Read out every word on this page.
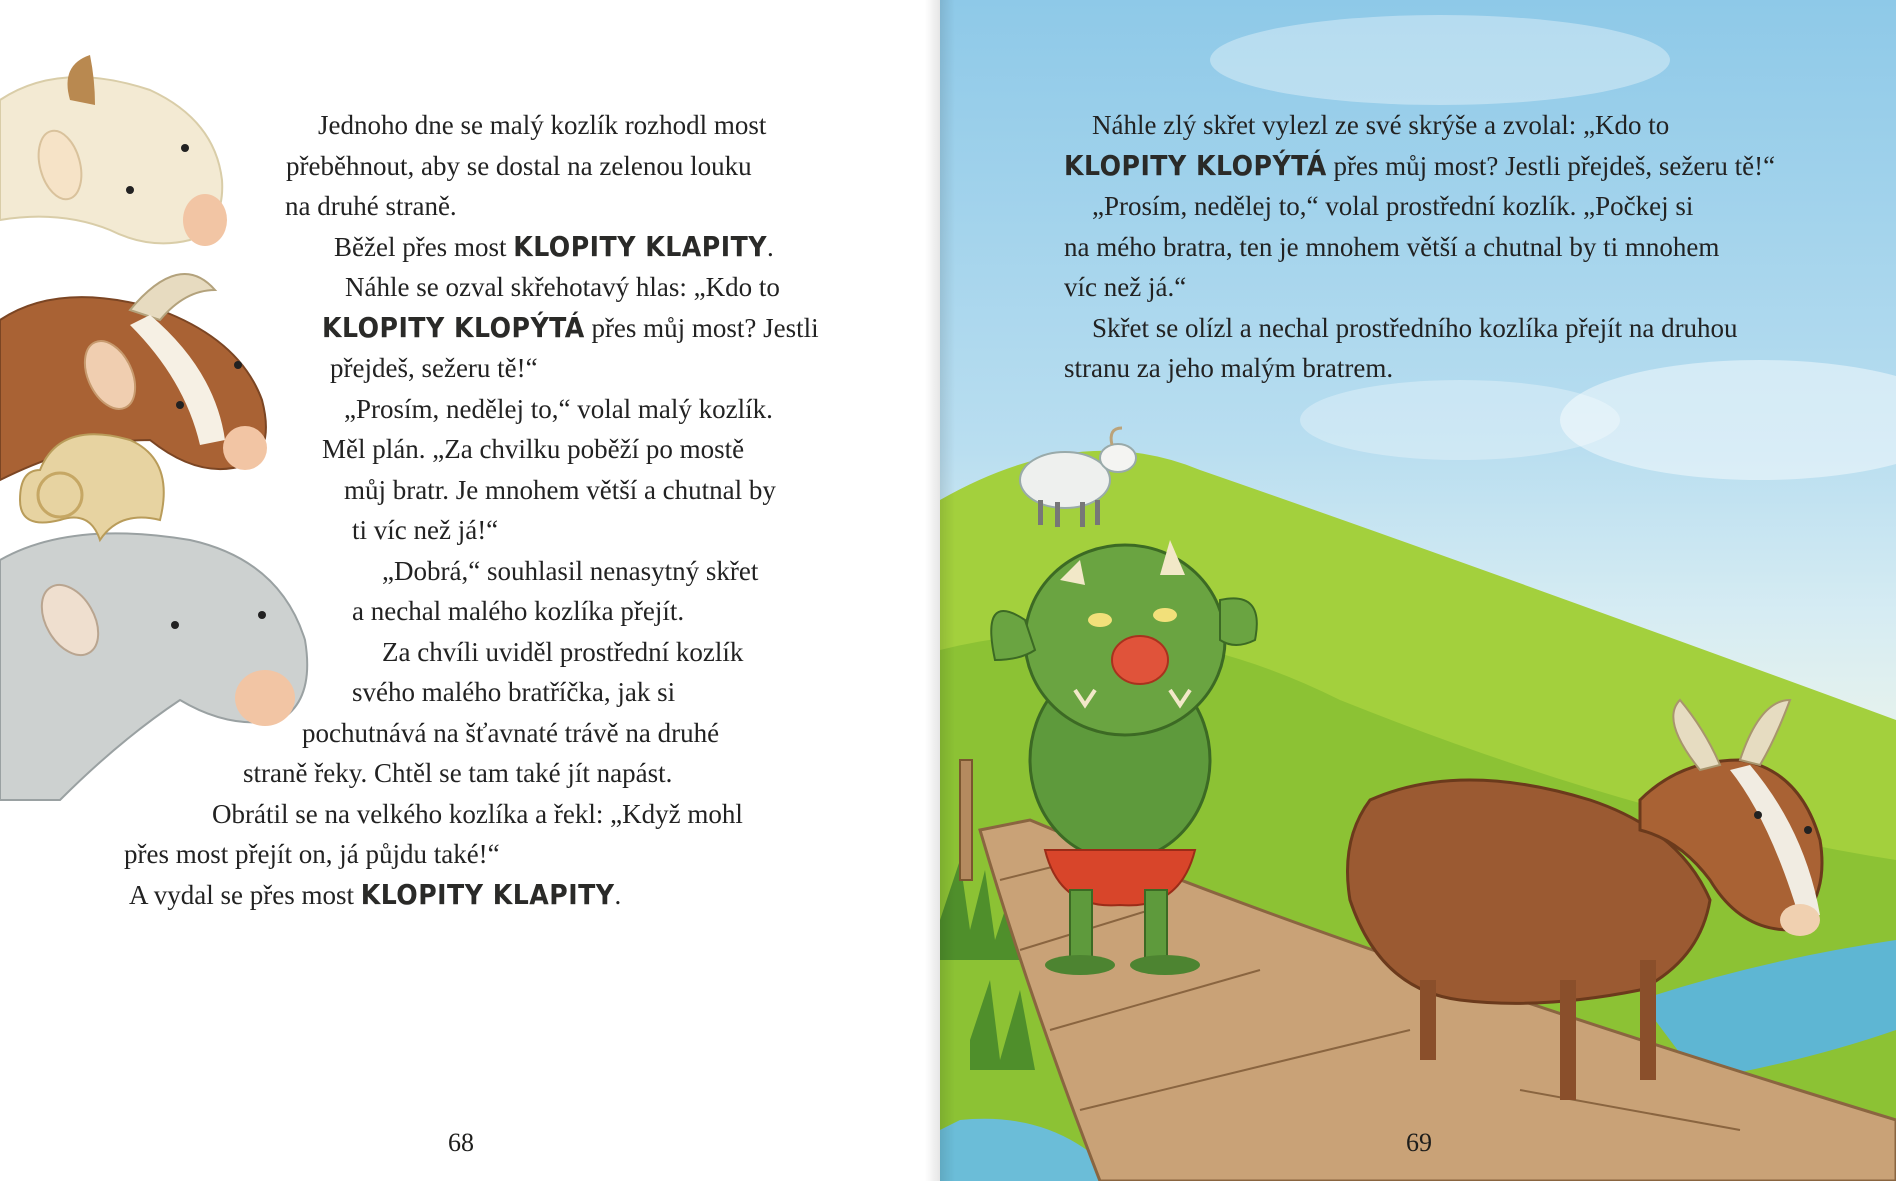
Jednoho dne se malý kozlík rozhodl most
přeběhnout, aby se dostal na zelenou louku
na druhé straně.
Běžel přes most KLOPITY KLAPITY.
Náhle se ozval skřehotavý hlas: „Kdo to
KLOPITY KLOPÝTÁ přes můj most? Jestli
přejdeš, sežeru tě!“
„Prosím, nedělej to,“ volal malý kozlík.
Měl plán. „Za chvilku poběží po mostě
můj bratr. Je mnohem větší a chutnal by
ti víc než já!“
„Dobrá,“ souhlasil nenasytný skřet
a nechal malého kozlíka přejít.
Za chvíli uviděl prostřední kozlík
svého malého bratříčka, jak si
pochutnává na šťavnaté trávě na druhé
straně řeky. Chtěl se tam také jít napást.
Obrátil se na velkého kozlíka a řekl: „Když mohl
přes most přejít on, já půjdu také!“
A vydal se přes most KLOPITY KLAPITY.

68

Náhle zlý skřet vylezl ze své skrýše a zvolal: „Kdo to
KLOPITY KLOPÝTÁ přes můj most? Jestli přejdeš, sežeru tě!“
„Prosím, nedělej to,“ volal prostřední kozlík. „Počkej si
na mého bratra, ten je mnohem větší a chutnal by ti mnohem
víc než já.“
Skřet se olízl a nechal prostředního kozlíka přejít na druhou
stranu za jeho malým bratrem.

69
